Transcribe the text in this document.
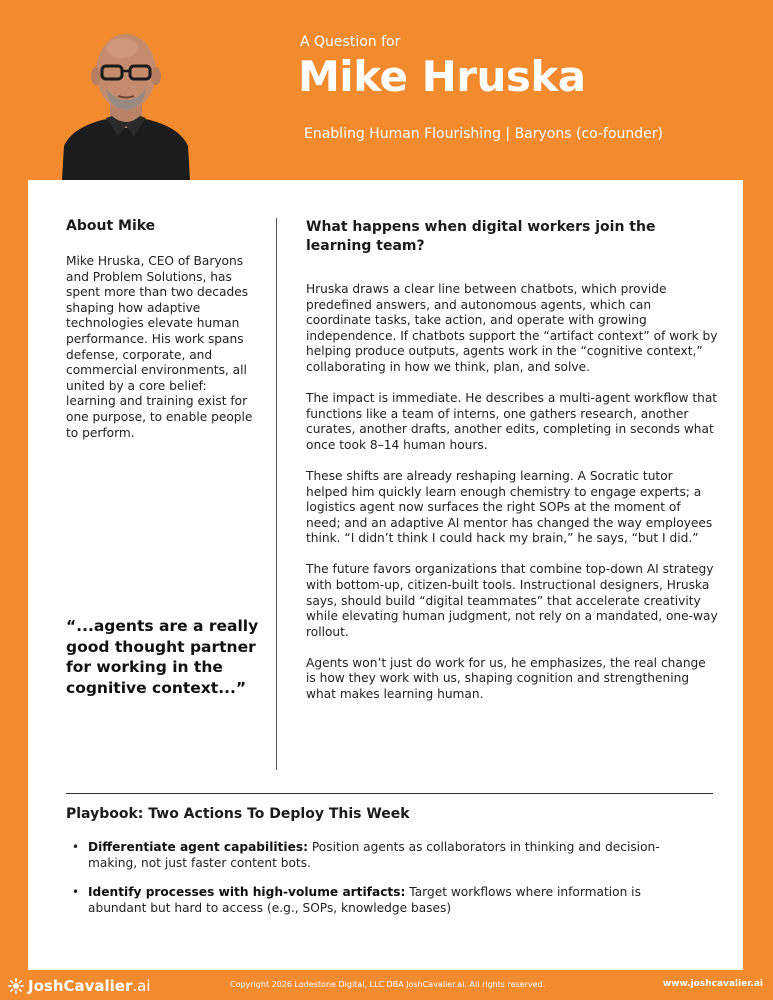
A Question for
Mike Hruska
Enabling Human Flourishing | Baryons (co-founder)
About Mike
Mike Hruska, CEO of Baryons and Problem Solutions, has spent more than two decades shaping how adaptive technologies elevate human performance. His work spans defense, corporate, and commercial environments, all united by a core belief: learning and training exist for one purpose, to enable people to perform.
“...agents are a really good thought partner for working in the cognitive context...”
What happens when digital workers join the learning team?

Hruska draws a clear line between chatbots, which provide predefined answers, and autonomous agents, which can coordinate tasks, take action, and operate with growing independence. If chatbots support the “artifact context” of work by helping produce outputs, agents work in the “cognitive context,” collaborating in how we think, plan, and solve.

The impact is immediate. He describes a multi-agent workflow that functions like a team of interns, one gathers research, another curates, another drafts, another edits, completing in seconds what once took 8–14 human hours.

These shifts are already reshaping learning. A Socratic tutor helped him quickly learn enough chemistry to engage experts; a logistics agent now surfaces the right SOPs at the moment of need; and an adaptive AI mentor has changed the way employees think. “I didn’t think I could hack my brain,” he says, “but I did.”

The future favors organizations that combine top-down AI strategy with bottom-up, citizen-built tools. Instructional designers, Hruska says, should build “digital teammates” that accelerate creativity while elevating human judgment, not rely on a mandated, one-way rollout.

Agents won’t just do work for us, he emphasizes, the real change is how they work with us, shaping cognition and strengthening what makes learning human.

Playbook: Two Actions To Deploy This Week
• Differentiate agent capabilities: Position agents as collaborators in thinking and decision-making, not just faster content bots.
• Identify processes with high-volume artifacts: Target workflows where information is abundant but hard to access (e.g., SOPs, knowledge bases)
JoshCavalier .ai	Copyright 2026 Lodestone Digital, LLC DBA JoshCavalier.ai. All rights reserved.	www.joshcavalier.ai
